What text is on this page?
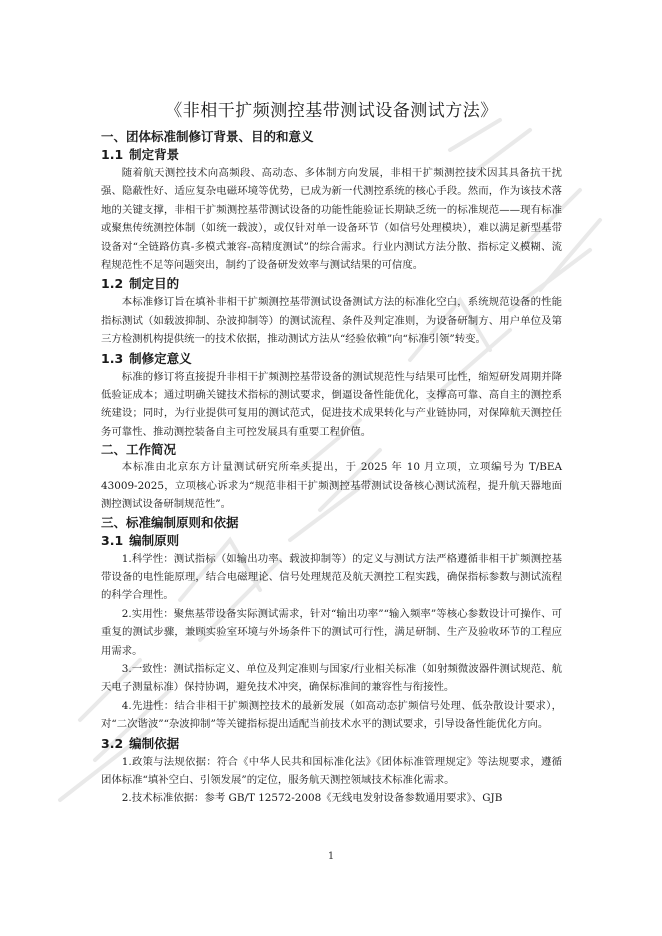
《非相干扩频测控基带测试设备测试方法》
一、团体标准制修订背景、目的和意义
1.1 制定背景

随着航天测控技术向高频段、高动态、多体制方向发展，非相干扩频测控技术因其具备抗干扰强、隐蔽性好、适应复杂电磁环境等优势，已成为新一代测控系统的核心手段。然而，作为该技术落地的关键支撑，非相干扩频测控基带测试设备的功能性能验证长期缺乏统一的标准规范——现有标准或聚焦传统测控体制（如统一载波），或仅针对单一设备环节（如信号处理模块），难以满足新型基带设备对“全链路仿真-多模式兼容-高精度测试”的综合需求。行业内测试方法分散、指标定义模糊、流程规范性不足等问题突出，制约了设备研发效率与测试结果的可信度。

1.2 制定目的

本标准修订旨在填补非相干扩频测控基带测试设备测试方法的标准化空白，系统规范设备的性能指标测试（如载波抑制、杂波抑制等）的测试流程、条件及判定准则，为设备研制方、用户单位及第三方检测机构提供统一的技术依据，推动测试方法从“经验依赖”向“标准引领”转变。

1.3 制修定意义

标准的修订将直接提升非相干扩频测控基带设备的测试规范性与结果可比性，缩短研发周期并降低验证成本；通过明确关键技术指标的测试要求，倒逼设备性能优化，支撑高可靠、高自主的测控系统建设；同时，为行业提供可复用的测试范式，促进技术成果转化与产业链协同，对保障航天测控任务可靠性、推动测控装备自主可控发展具有重要工程价值。

二、工作简况

本标准由北京东方计量测试研究所牵头提出，于 2025 年 10 月立项，立项编号为 T/BEA 43009-2025，立项核心诉求为“规范非相干扩频测控基带测试设备核心测试流程，提升航天器地面测控测试设备研制规范性”。

三、标准编制原则和依据
3.1 编制原则

1.科学性：测试指标（如输出功率、载波抑制等）的定义与测试方法严格遵循非相干扩频测控基带设备的电性能原理，结合电磁理论、信号处理规范及航天测控工程实践，确保指标参数与测试流程的科学合理性。

2.实用性：聚焦基带设备实际测试需求，针对“输出功率”“输入频率”等核心参数设计可操作、可重复的测试步骤，兼顾实验室环境与外场条件下的测试可行性，满足研制、生产及验收环节的工程应用需求。

3.一致性：测试指标定义、单位及判定准则与国家/行业相关标准（如射频微波器件测试规范、航天电子测量标准）保持协调，避免技术冲突，确保标准间的兼容性与衔接性。

4.先进性：结合非相干扩频测控技术的最新发展（如高动态扩频信号处理、低杂散设计要求），对“二次谐波”“杂波抑制”等关键指标提出适配当前技术水平的测试要求，引导设备性能优化方向。

3.2 编制依据

1.政策与法规依据：符合《中华人民共和国标准化法》《团体标准管理规定》等法规要求，遵循团体标准“填补空白、引领发展”的定位，服务航天测控领域技术标准化需求。

2.技术标准依据：参考 GB/T 12572-2008《无线电发射设备参数通用要求》、GJB

1
